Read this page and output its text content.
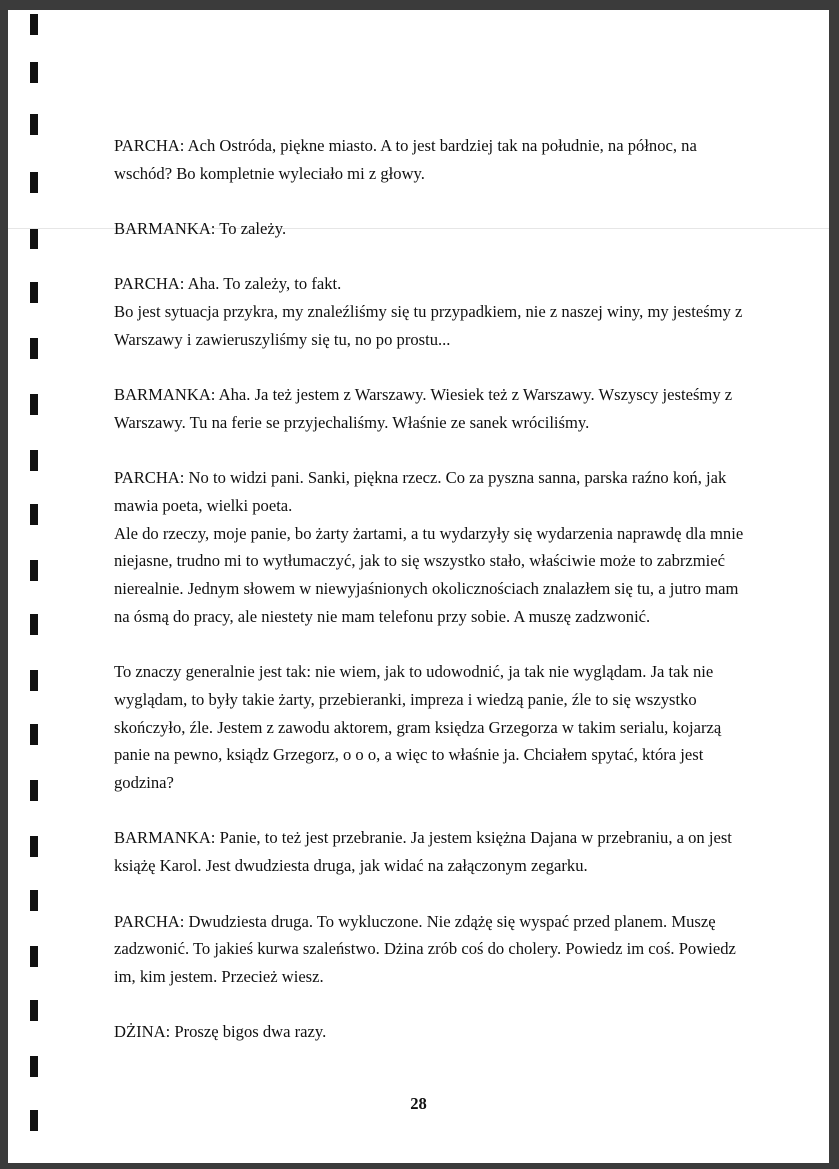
PARCHA: Ach Ostróda, piękne miasto. A to jest bardziej tak na południe, na północ, na wschód? Bo kompletnie wyleciało mi z głowy.

BARMANKA: To zależy.

PARCHA: Aha. To zależy, to fakt.

Bo jest sytuacja przykra, my znaleźliśmy się tu przypadkiem, nie z naszej winy, my jesteśmy z Warszawy i zawieruszyliśmy się tu, no po prostu...

BARMANKA: Aha. Ja też jestem z Warszawy. Wiesiek też z Warszawy. Wszyscy jesteśmy z Warszawy. Tu na ferie se przyjechaliśmy. Właśnie ze sanek wróciliśmy.

PARCHA: No to widzi pani. Sanki, piękna rzecz. Co za pyszna sanna, parska raźno koń, jak mawia poeta, wielki poeta.

Ale do rzeczy, moje panie, bo żarty żartami, a tu wydarzyły się wydarzenia naprawdę dla mnie niejasne, trudno mi to wytłumaczyć, jak to się wszystko stało, właściwie może to zabrzmieć nierealnie. Jednym słowem w niewyjaśnionych okolicznościach znalazłem się tu, a jutro mam na ósmą do pracy, ale niestety nie mam telefonu przy sobie. A muszę zadzwonić.

To znaczy generalnie jest tak: nie wiem, jak to udowodnić, ja tak nie wyglądam. Ja tak nie wyglądam, to były takie żarty, przebieranki, impreza i wiedzą panie, źle to się wszystko skończyło, źle. Jestem z zawodu aktorem, gram księdza Grzegorza w takim serialu, kojarzą panie na pewno, ksiądz Grzegorz, o o o, a więc to właśnie ja. Chciałem spytać, która jest godzina?

BARMANKA: Panie, to też jest przebranie. Ja jestem księżna Dajana w przebraniu, a on jest książę Karol. Jest dwudziesta druga, jak widać na załączonym zegarku.

PARCHA: Dwudziesta druga. To wykluczone. Nie zdążę się wyspać przed planem. Muszę zadzwonić. To jakieś kurwa szaleństwo. Dżina zrób coś do cholery. Powiedz im coś. Powiedz im, kim jestem. Przecież wiesz.

DŻINA: Proszę bigos dwa razy.

28
